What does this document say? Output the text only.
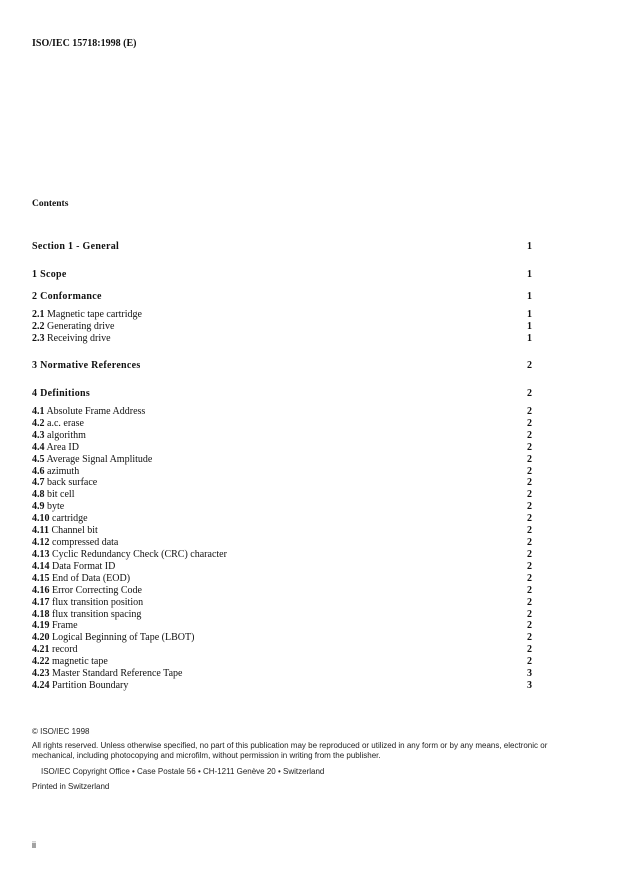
ISO/IEC 15718:1998 (E)
Contents
Section 1 - General	1
1 Scope	1
2 Conformance	1
2.1 Magnetic tape cartridge	1
2.2 Generating drive	1
2.3 Receiving drive	1
3 Normative References	2
4 Definitions	2
4.1 Absolute Frame Address	2
4.2 a.c. erase	2
4.3 algorithm	2
4.4 Area ID	2
4.5 Average Signal Amplitude	2
4.6 azimuth	2
4.7 back surface	2
4.8 bit cell	2
4.9 byte	2
4.10 cartridge	2
4.11 Channel bit	2
4.12 compressed data	2
4.13 Cyclic Redundancy Check (CRC) character	2
4.14 Data Format ID	2
4.15 End of Data (EOD)	2
4.16 Error Correcting Code	2
4.17 flux transition position	2
4.18 flux transition spacing	2
4.19 Frame	2
4.20 Logical Beginning of Tape (LBOT)	2
4.21 record	2
4.22 magnetic tape	2
4.23 Master Standard Reference Tape	3
4.24 Partition Boundary	3
© ISO/IEC 1998
All rights reserved. Unless otherwise specified, no part of this publication may be reproduced or utilized in any form or by any means, electronic or mechanical, including photocopying and microfilm, without permission in writing from the publisher.
ISO/IEC Copyright Office • Case Postale 56 • CH-1211 Genève 20 • Switzerland
Printed in Switzerland
ii
